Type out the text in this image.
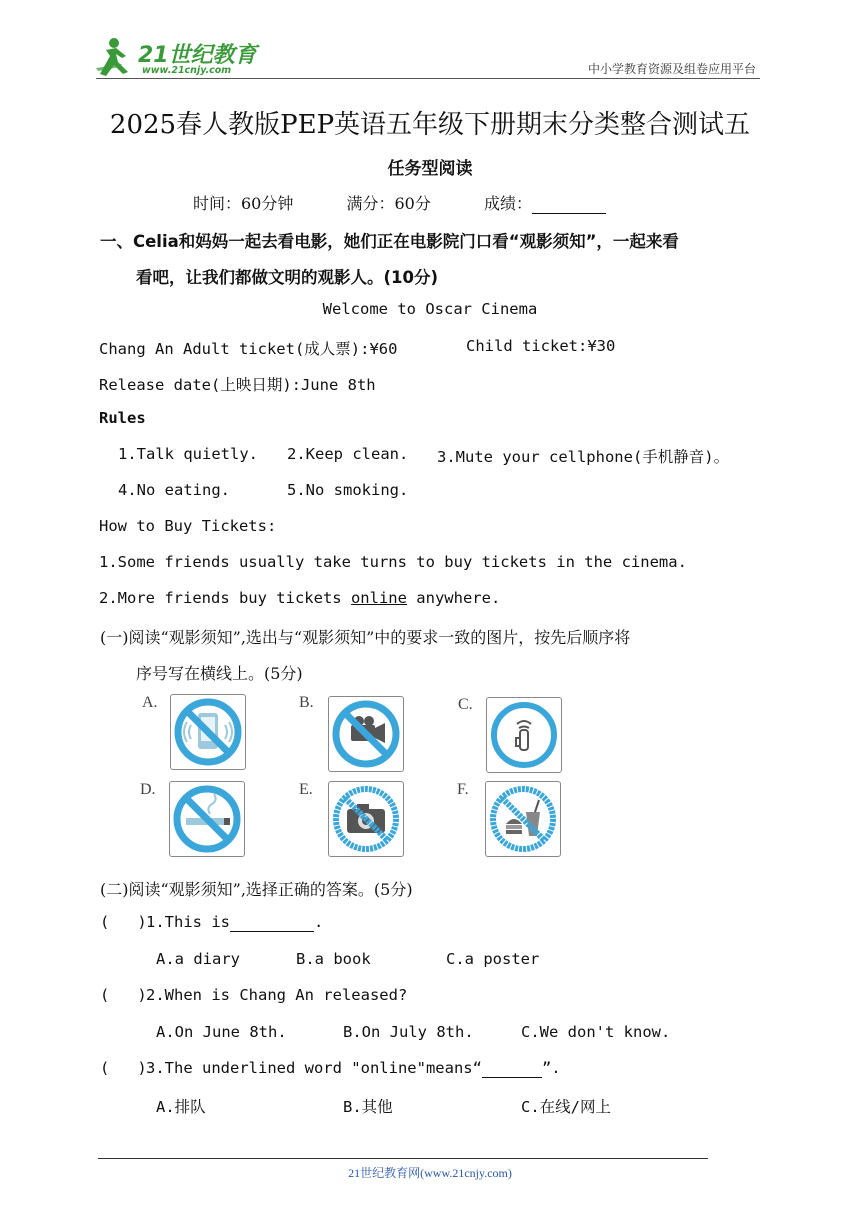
21世纪教育
www.21cnjy.com	中小学教育资源及组卷应用平台
2025春人教版PEP英语五年级下册期末分类整合测试五
任务型阅读
时间：60分钟	满分：60分	成绩：
一、Celia和妈妈一起去看电影，她们正在电影院门口看“观影须知”，一起来看
看吧，让我们都做文明的观影人。(10分)
Welcome to Oscar Cinema
Chang An Adult ticket(成人票):¥60	Child ticket:¥30
Release date(上映日期):June 8th
Rules
1.Talk quietly. 2.Keep clean. 3.Mute your cellphone(手机静音)。
4.No eating.	5.No smoking.
How to Buy Tickets:
1.Some friends usually take turns to buy tickets in the cinema.
2.More friends buy tickets online anywhere.
(一)阅读“观影须知”,选出与“观影须知”中的要求一致的图片，按先后顺序将
序号写在横线上。(5分)
A.	B.	C.
D.	E.	F.
(二)阅读“观影须知”,选择正确的答案。(5分)
( ) 1.This is	.
A.a diary	B.a book	C.a poster
( ) 2.When is Chang An released?
A.On June 8th.	B.On July 8th.	C.We don't know.
( ) 3.The underlined word "online"means“	”.
A.排队	B.其他	C.在线/网上
21世纪教育网(www.21cnjy.com)
